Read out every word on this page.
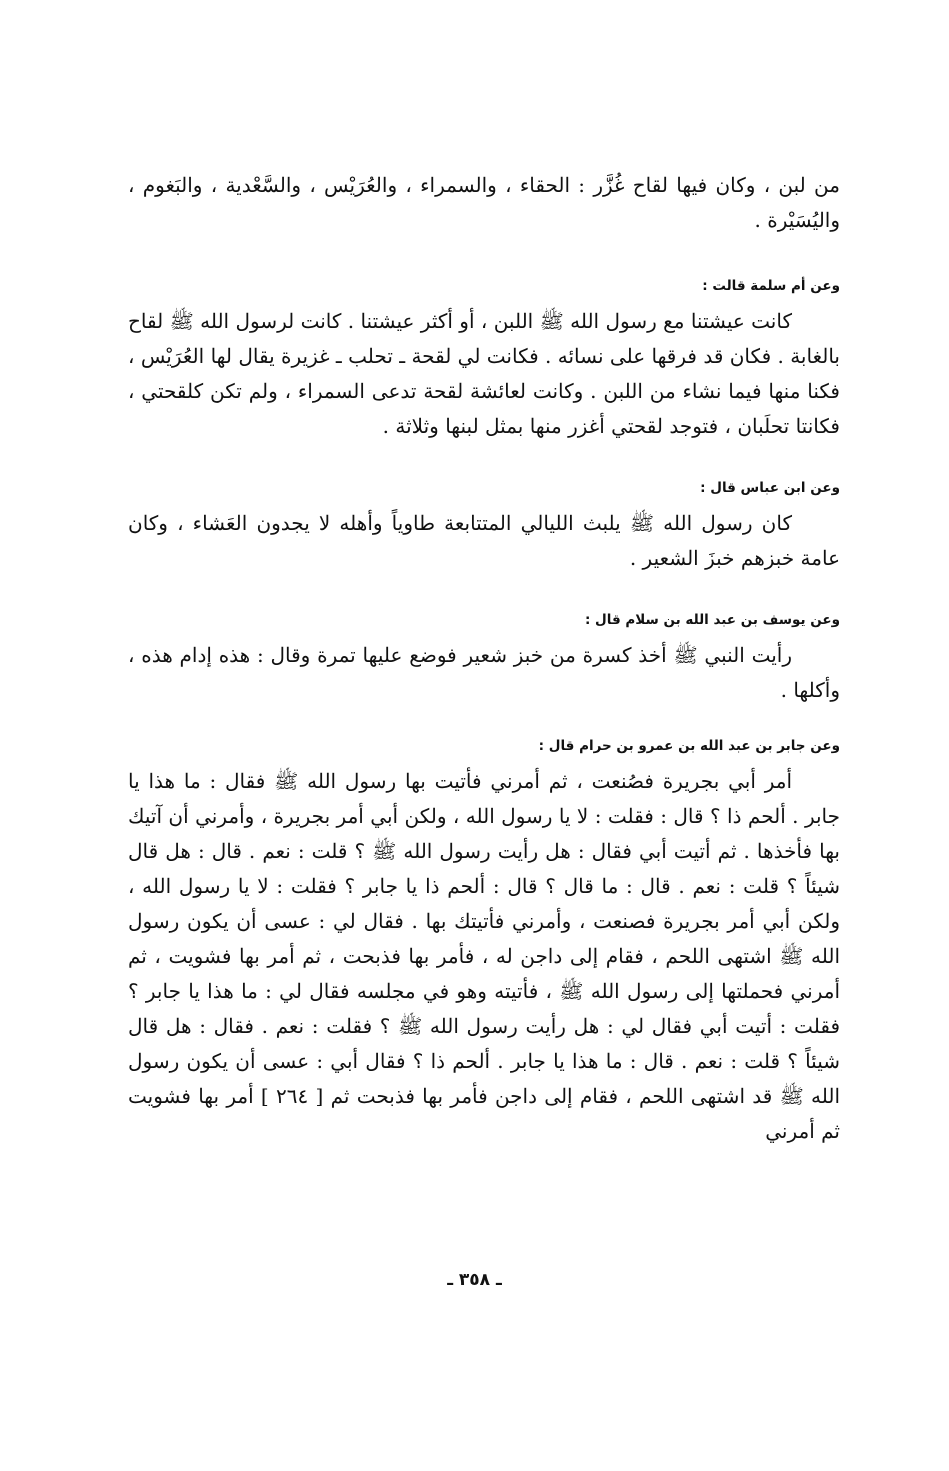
من لبن ، وكان فيها لقاح غُزَّر : الحقاء ، والسمراء ، والعُرَيْس ، والسَّعْدية ، والبَغوم ، واليُسَيْرة .

وعن أم سلمة قالت :

كانت عيشتنا مع رسول الله ﷺ اللبن ، أو أكثر عيشتنا . كانت لرسول الله ﷺ لقاح بالغابة . فكان قد فرقها على نسائه . فكانت لي لقحة ـ تحلب ـ غزيرة يقال لها العُرَيْس ، فكنا منها فيما نشاء من اللبن . وكانت لعائشة لقحة تدعى السمراء ، ولم تكن كلقحتي ، فكانتا تحلَبان ، فتوجد لقحتي أغزر منها بمثل لبنها وثلاثة .

وعن ابن عباس قال :

كان رسول الله ﷺ يلبث الليالي المتتابعة طاوياً وأهله لا يجدون العَشاء ، وكان عامة خبزهم خبزَ الشعير .

وعن يوسف بن عبد الله بن سلام قال :

رأيت النبي ﷺ أخذ كسرة من خبز شعير فوضع عليها تمرة وقال : هذه إدام هذه ، وأكلها .

وعن جابر بن عبد الله بن عمرو بن حرام قال :

أمر أبي بجريرة فصُنعت ، ثم أمرني فأتيت بها رسول الله ﷺ فقال : ما هذا يا جابر . ألحم ذا ؟ قال : فقلت : لا يا رسول الله ، ولكن أبي أمر بجريرة ، وأمرني أن آتيك بها فأخذها . ثم أتيت أبي فقال : هل رأيت رسول الله ﷺ ؟ قلت : نعم . قال : هل قال شيئاً ؟ قلت : نعم . قال : ما قال ؟ قال : ألحم ذا يا جابر ؟ فقلت : لا يا رسول الله ، ولكن أبي أمر بجريرة فصنعت ، وأمرني فأتيتك بها . فقال لي : عسى أن يكون رسول الله ﷺ اشتهى اللحم ، فقام إلى داجن له ، فأمر بها فذبحت ، ثم أمر بها فشويت ، ثم أمرني فحملتها إلى رسول الله ﷺ ، فأتيته وهو في مجلسه فقال لي : ما هذا يا جابر ؟ فقلت : أتيت أبي فقال لي : هل رأيت رسول الله ﷺ ؟ فقلت : نعم . فقال : هل قال شيئاً ؟ قلت : نعم . قال : ما هذا يا جابر . ألحم ذا ؟ فقال أبي : عسى أن يكون رسول الله ﷺ قد اشتهى اللحم ، فقام إلى داجن فأمر بها فذبحت ثم [ ٢٦٤ ] أمر بها فشويت ثم أمرني

ـ ٣٥٨ ـ
